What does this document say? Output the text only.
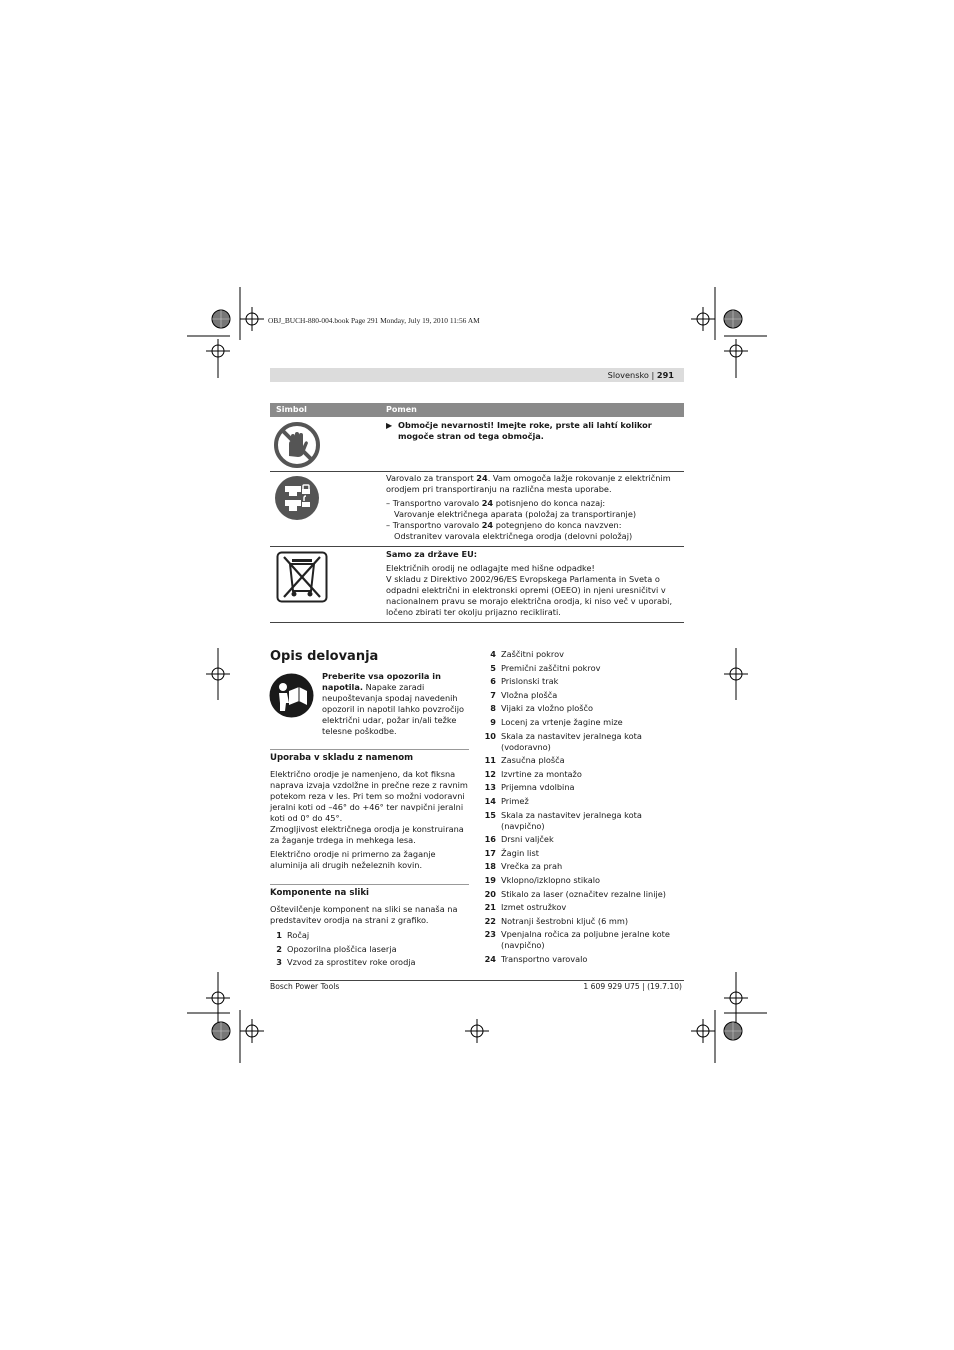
OBJ_BUCH-880-004.book Page 291 Monday, July 19, 2010 11:56 AM
Slovensko | 291
Simbol	Pomen
▶ Območje nevarnosti! Imejte roke, prste ali lahtí kolikor mogoče stran od tega območja.

Varovalo za transport 24. Vam omogoča lažje rokovanje z električnim orodjem pri transportiranju na različna mesta uporabe.

– Transportno varovalo 24 potisnjeno do konca nazaj:

Varovanje električnega aparata (položaj za transportiranje)

– Transportno varovalo 24 potegnjeno do konca navzven:

Odstranitev varovala električnega orodja (delovni položaj)

Samo za države EU:

Električnih orodij ne odlagajte med hišne odpadke!

V skladu z Direktivo 2002/96/ES Evropskega Parlamenta in Sveta o odpadni električni in elektronski opremi (OEEO) in njeni uresničitvi v nacionalnem pravu se morajo električna orodja, ki niso več v uporabi, ločeno zbirati ter okolju prijazno reciklirati.

Opis delovanja
Preberite vsa opozorila in napotila. Napake zaradi neupoštevanja spodaj navedenih opozoril in napotil lahko povzročijo električni udar, požar in/ali težke telesne poškodbe.
Uporaba v skladu z namenom
Električno orodje je namenjeno, da kot fiksna naprava izvaja vzdolžne in prečne reze z ravnim potekom reza v les. Pri tem so možni vodoravni jeralni koti od –46° do +46° ter navpični jeralni koti od 0° do 45°.
Zmogljivost električnega orodja je konstruirana za žaganje trdega in mehkega lesa.
Električno orodje ni primerno za žaganje aluminija ali drugih neželeznih kovin.
Komponente na sliki
Oštevilčenje komponent na sliki se nanaša na predstavitev orodja na strani z grafiko.
1 Ročaj
2 Opozorilna ploščica laserja
3 Vzvod za sprostitev roke orodja
4 Zaščitni pokrov
5 Premični zaščitni pokrov
6 Prislonski trak
7 Vložna plošča
8 Vijaki za vložno ploščo
9 Locenj za vrtenje žagine mize
10 Skala za nastavitev jeralnega kota (vodoravno)
11 Zasučna plošča
12 Izvrtine za montažo
13 Prijemna vdolbina
14 Primež
15 Skala za nastavitev jeralnega kota (navpično)
16 Drsni valjček
17 Žagin list
18 Vrečka za prah
19 Vklopno/izklopno stikalo
20 Stikalo za laser (označitev rezalne linije)
21 Izmet ostružkov
22 Notranji šestrobni ključ (6 mm)
23 Vpenjalna ročica za poljubne jeralne kote (navpično)
24 Transportno varovalo
Bosch Power Tools	1 609 929 U75 | (19.7.10)
